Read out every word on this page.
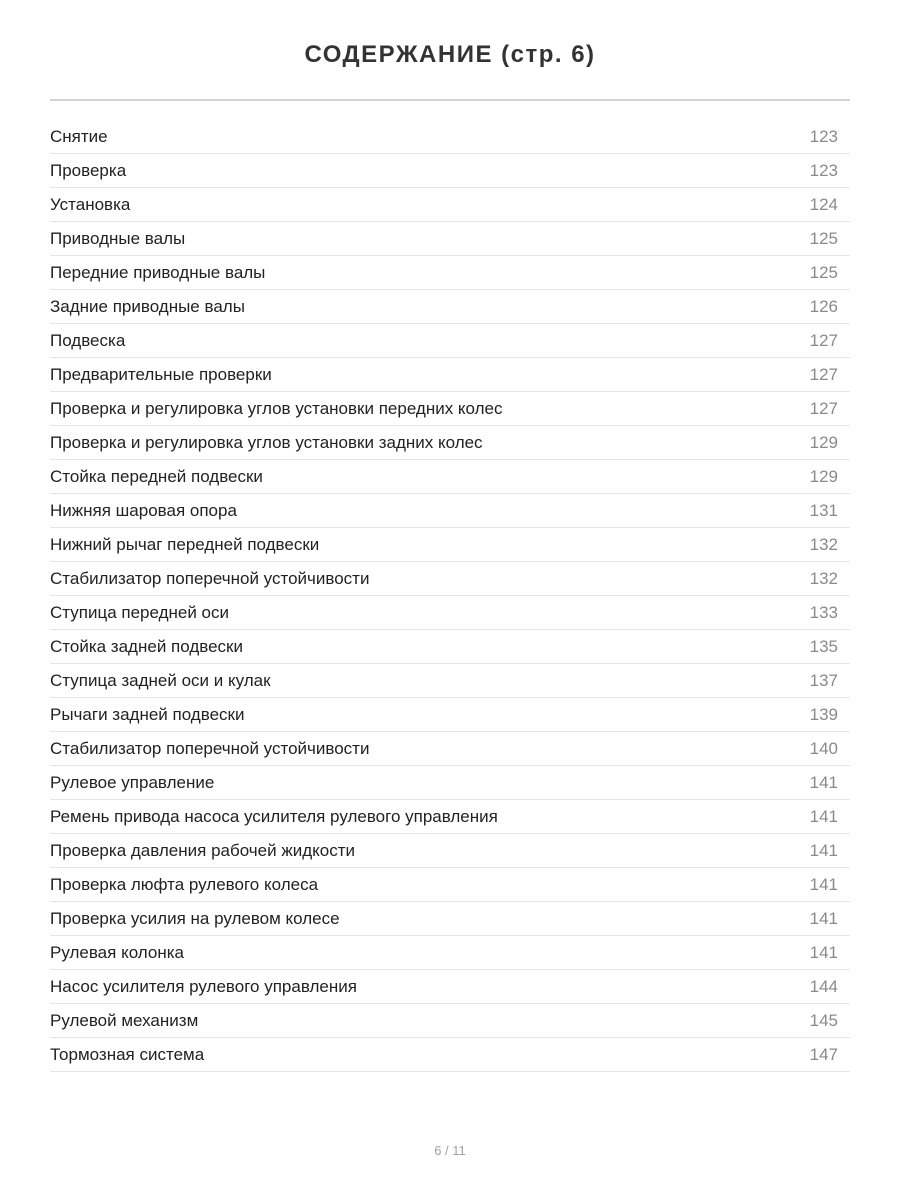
СОДЕРЖАНИЕ (стр. 6)
Снятие	123
Проверка	123
Установка	124
Приводные валы	125
Передние приводные валы	125
Задние приводные валы	126
Подвеска	127
Предварительные проверки	127
Проверка и регулировка углов установки передних колес	127
Проверка и регулировка углов установки задних колес	129
Стойка передней подвески	129
Нижняя шаровая опора	131
Нижний рычаг передней подвески	132
Стабилизатор поперечной устойчивости	132
Ступица передней оси	133
Стойка задней подвески	135
Ступица задней оси и кулак	137
Рычаги задней подвески	139
Стабилизатор поперечной устойчивости	140
Рулевое управление	141
Ремень привода насоса усилителя рулевого управления	141
Проверка давления рабочей жидкости	141
Проверка люфта рулевого колеса	141
Проверка усилия на рулевом колесе	141
Рулевая колонка	141
Насос усилителя рулевого управления	144
Рулевой механизм	145
Тормозная система	147
6 / 11
